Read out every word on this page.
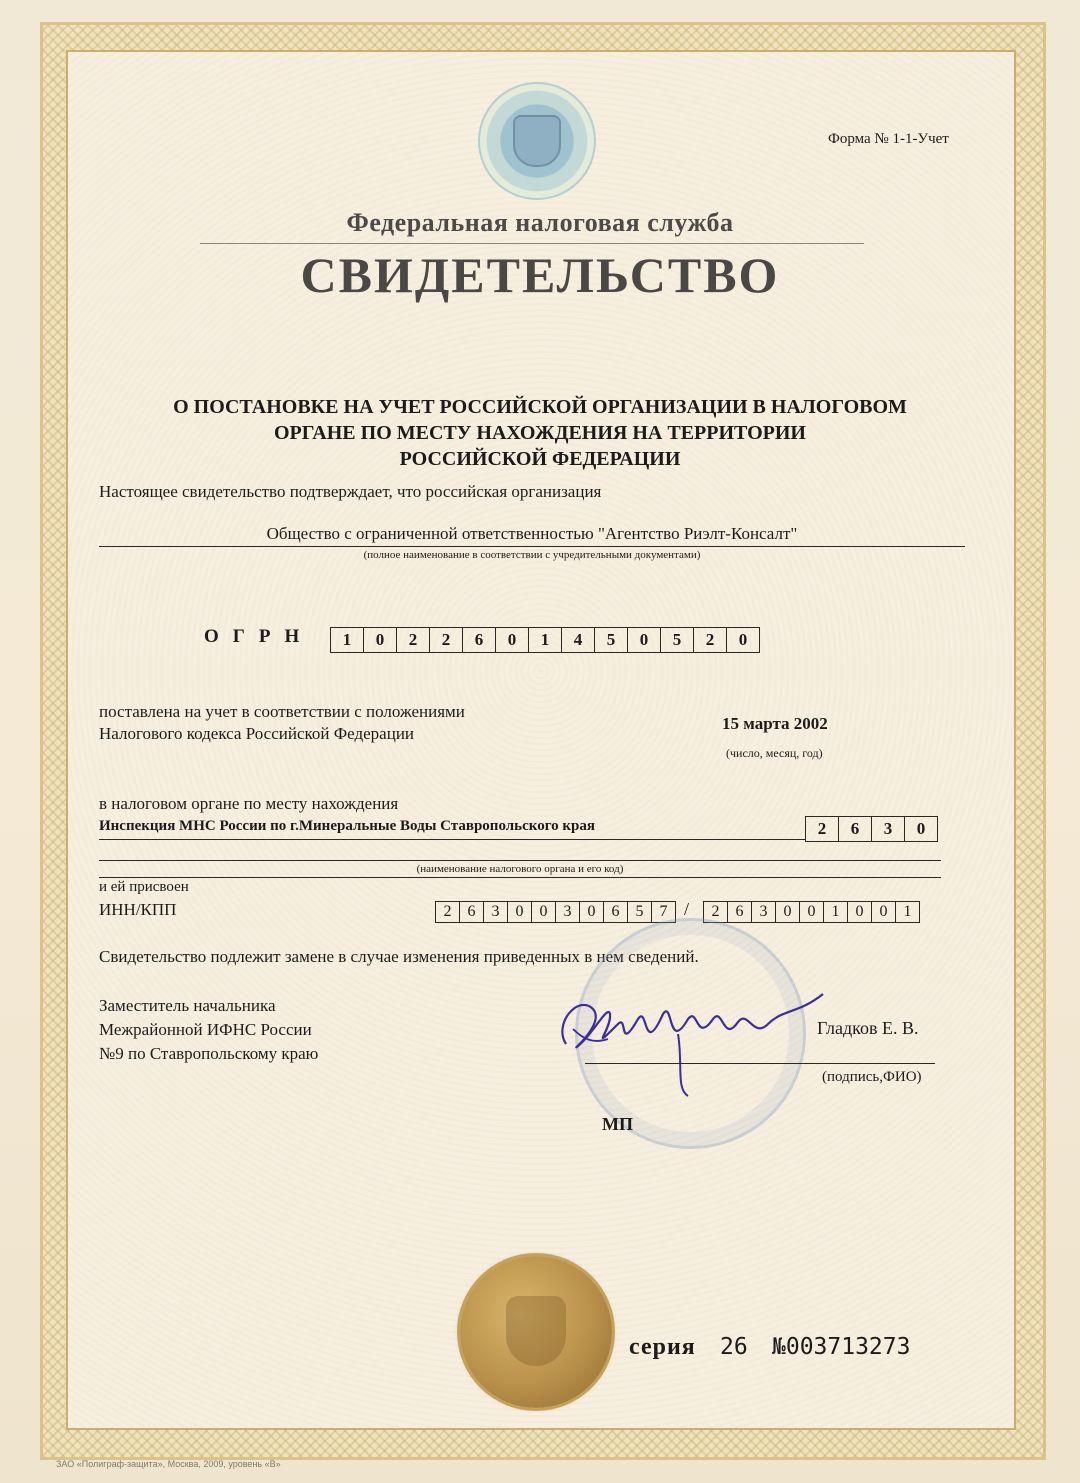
Форма № 1-1-Учет
Федеральная налоговая служба
СВИДЕТЕЛЬСТВО
О ПОСТАНОВКЕ НА УЧЕТ РОССИЙСКОЙ ОРГАНИЗАЦИИ В НАЛОГОВОМ
ОРГАНЕ ПО МЕСТУ НАХОЖДЕНИЯ НА ТЕРРИТОРИИ
РОССИЙСКОЙ ФЕДЕРАЦИИ
Настоящее свидетельство подтверждает, что российская организация
Общество с ограниченной ответственностью "Агентство Риэлт-Консалт"
(полное наименование в соответствии с учредительными документами)
ОГРН	1	0	2	2	6	0	1	4	5	0	5	2	0
поставлена на учет в соответствии с положениями
Налогового кодекса Российской Федерации
15 марта 2002
(число, месяц, год)
в налоговом органе по месту нахождения
Инспекция МНС России по г.Минеральные Воды Ставропольского края	2	6	3	0
(наименование налогового органа и его код)
и ей присвоен
ИНН/КПП	2	6	3	0	0	3	0	6	5	7 /	2	6	3	0	0	1	0	0	1
Свидетельство подлежит замене в случае изменения приведенных в нем сведений.
Заместитель начальника
Межрайонной ИФНС России
№9 по Ставропольскому краю
Гладков Е. В.
(подпись,ФИО)
МП
серия 26 №003713273
ЗАО «Полиграф-защита», Москва, 2009, уровень «В»
